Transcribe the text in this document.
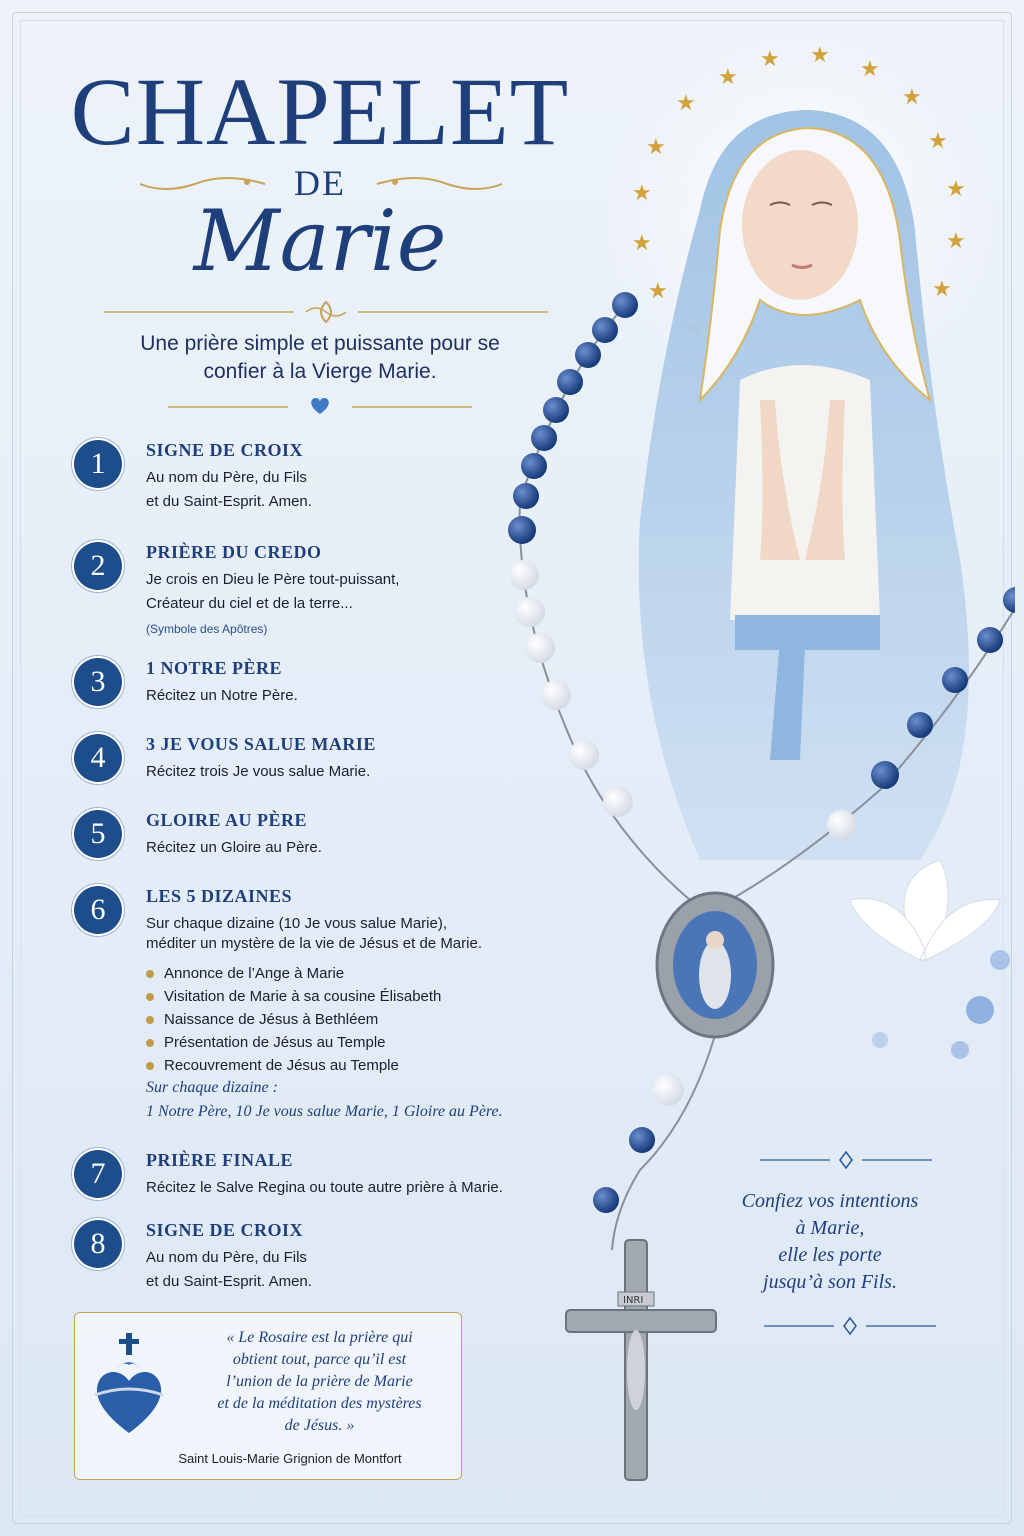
★
★ ★
★
★
★
★
★
★
★
★
★
★
★
INRI
CHAPELET
DE
Marie
Une prière simple et puissante pour se confier à la Vierge Marie.
1	SIGNE DE CROIX
Au nom du Père, du Fils
et du Saint-Esprit. Amen.
2	PRIÈRE DU CREDO
Je crois en Dieu le Père tout-puissant,
Créateur du ciel et de la terre...
(Symbole des Apôtres)
3	1 NOTRE PÈRE
Récitez un Notre Père.
4	3 JE VOUS SALUE MARIE
Récitez trois Je vous salue Marie.
5	GLOIRE AU PÈRE
Récitez un Gloire au Père.
6	LES 5 DIZAINES
Sur chaque dizaine (10 Je vous salue Marie),
méditer un mystère de la vie de Jésus et de Marie.
Annonce de l’Ange à Marie
Visitation de Marie à sa cousine Élisabeth
Naissance de Jésus à Bethléem
Présentation de Jésus au Temple
Recouvrement de Jésus au Temple
Sur chaque dizaine :
1 Notre Père, 10 Je vous salue Marie, 1 Gloire au Père.
7	PRIÈRE FINALE
Récitez le Salve Regina ou toute autre prière à Marie.
8	SIGNE DE CROIX
Au nom du Père, du Fils
et du Saint-Esprit. Amen.
Confiez vos intentions
à Marie,
elle les porte
jusqu’à son Fils.
« Le Rosaire est la prière qui
obtient tout, parce qu’il est
l’union de la prière de Marie
et de la méditation des mystères
de Jésus. »
Saint Louis-Marie Grignion de Montfort
